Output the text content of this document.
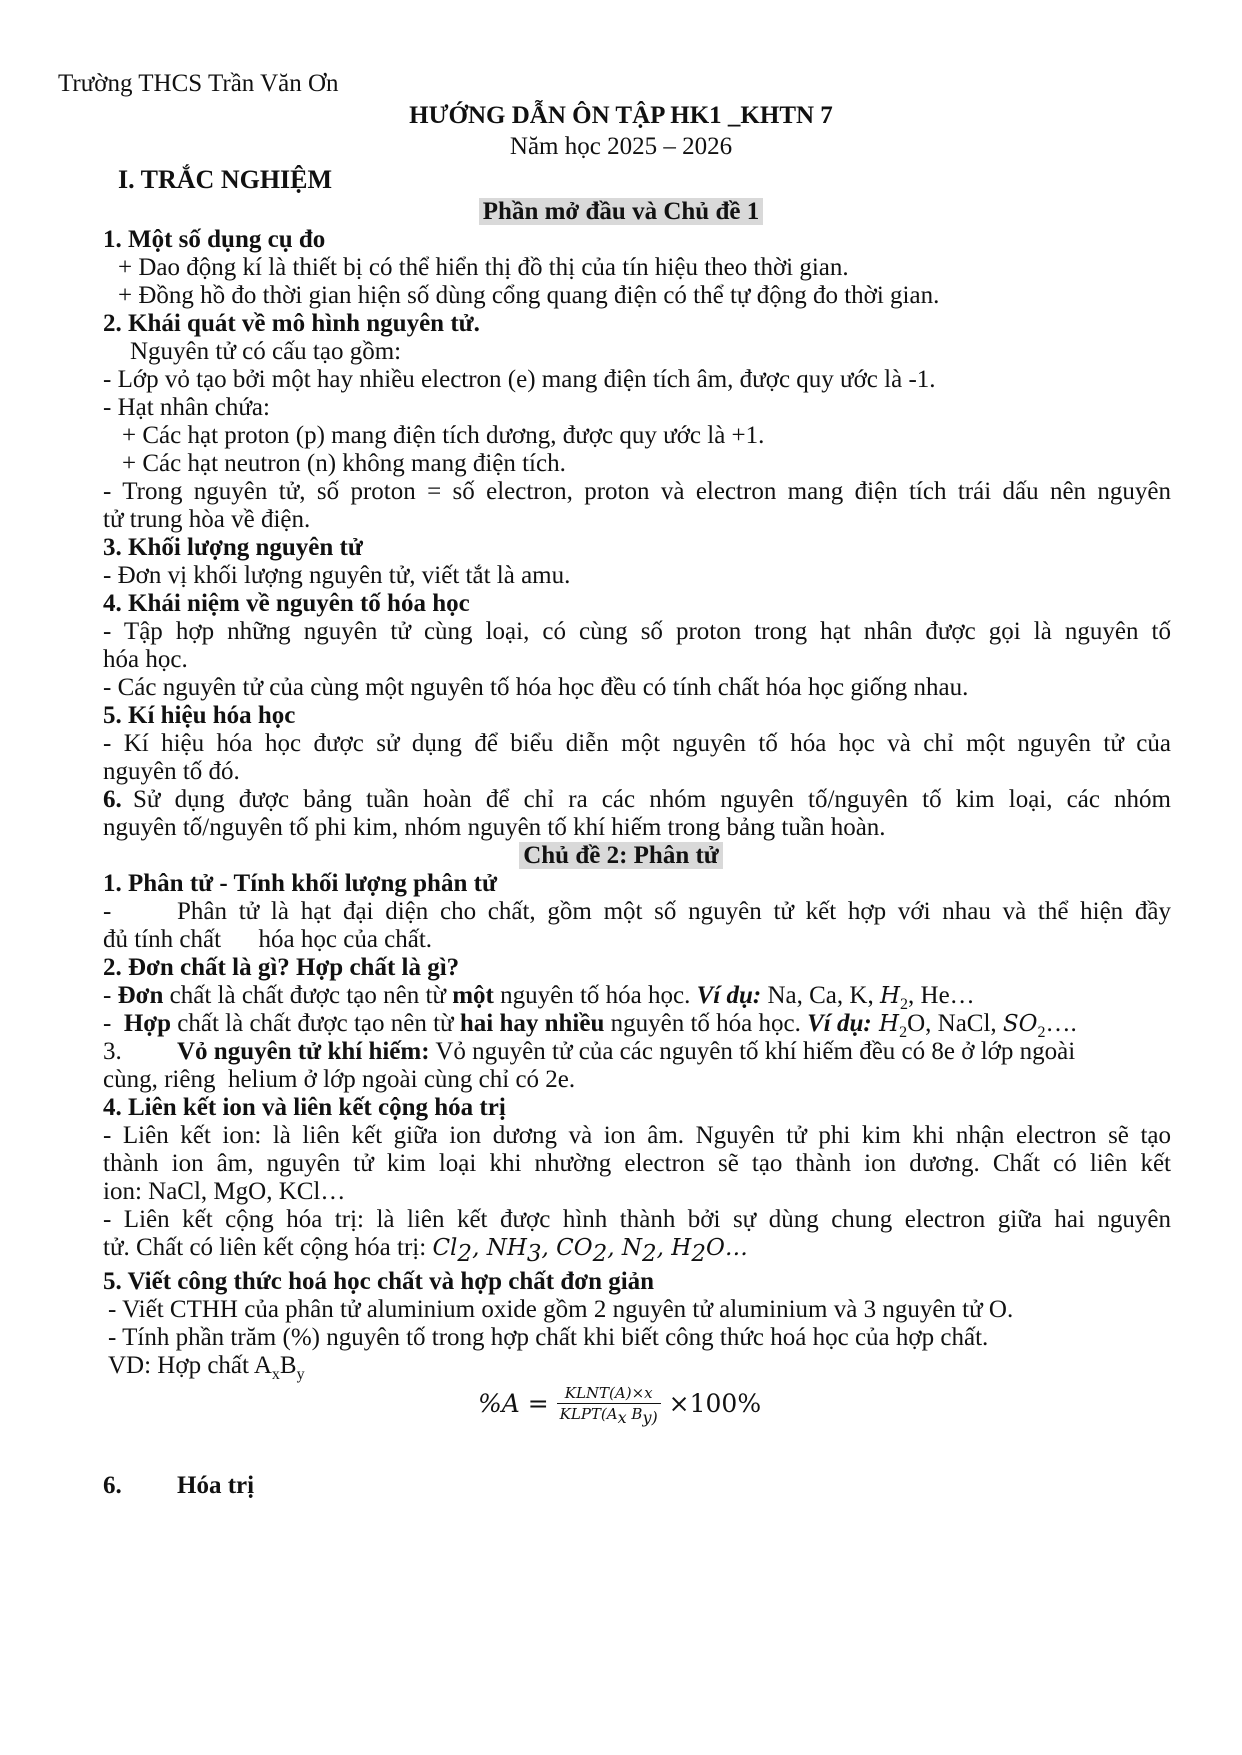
Trường THCS Trần Văn Ơn
HƯỚNG DẪN ÔN TẬP HK1 _KHTN 7
Năm học 2025 – 2026
I. TRẮC NGHIỆM
Phần mở đầu và Chủ đề 1
1. Một số dụng cụ đo
+ Dao động kí là thiết bị có thể hiển thị đồ thị của tín hiệu theo thời gian.
+ Đồng hồ đo thời gian hiện số dùng cổng quang điện có thể tự động đo thời gian.
2. Khái quát về mô hình nguyên tử.
Nguyên tử có cấu tạo gồm:
- Lớp vỏ tạo bởi một hay nhiều electron (e) mang điện tích âm, được quy ước là -1.
- Hạt nhân chứa:
+ Các hạt proton (p) mang điện tích dương, được quy ước là +1.
+ Các hạt neutron (n) không mang điện tích.
- Trong nguyên tử, số proton = số electron, proton và electron mang điện tích trái dấu nên nguyên
tử trung hòa về điện.
3. Khối lượng nguyên tử
- Đơn vị khối lượng nguyên tử, viết tắt là amu.
4. Khái niệm về nguyên tố hóa học
- Tập hợp những nguyên tử cùng loại, có cùng số proton trong hạt nhân được gọi là nguyên tố
hóa học.
- Các nguyên tử của cùng một nguyên tố hóa học đều có tính chất hóa học giống nhau.
5. Kí hiệu hóa học
- Kí hiệu hóa học được sử dụng để biểu diễn một nguyên tố hóa học và chỉ một nguyên tử của
nguyên tố đó.
6. Sử dụng được bảng tuần hoàn để chỉ ra các nhóm nguyên tố/nguyên tố kim loại, các nhóm
nguyên tố/nguyên tố phi kim, nhóm nguyên tố khí hiếm trong bảng tuần hoàn.
Chủ đề 2: Phân tử
1. Phân tử - Tính khối lượng phân tử
-	Phân tử là hạt đại diện cho chất, gồm một số nguyên tử kết hợp với nhau và thể hiện đầy
đủ tính chất      hóa học của chất.
2. Đơn chất là gì? Hợp chất là gì?
- Đơn chất là chất được tạo nên từ một nguyên tố hóa học. Ví dụ: Na, Ca, K, $H_2$, He…
-  Hợp chất là chất được tạo nên từ hai hay nhiều nguyên tố hóa học. Ví dụ: $H_2O$, NaCl, $SO_2\dots$.
3. Vỏ nguyên tử khí hiếm: Vỏ nguyên tử của các nguyên tố khí hiếm đều có 8e ở lớp ngoài
cùng, riêng  helium ở lớp ngoài cùng chỉ có 2e.
4. Liên kết ion và liên kết cộng hóa trị
- Liên kết ion: là liên kết giữa ion dương và ion âm. Nguyên tử phi kim khi nhận electron sẽ tạo
thành ion âm, nguyên tử kim loại khi nhường electron sẽ tạo thành ion dương. Chất có liên kết
ion: NaCl, MgO, KCl…
- Liên kết cộng hóa trị: là liên kết được hình thành bởi sự dùng chung electron giữa hai nguyên
tử. Chất có liên kết cộng hóa trị: $Cl_2$, $NH_3$, $CO_2$, $N_2$, $H_2O\dots$
5. Viết công thức hoá học chất và hợp chất đơn giản
- Viết CTHH của phân tử aluminium oxide gồm 2 nguyên tử aluminium và 3 nguyên tử O.
- Tính phần trăm (%) nguyên tố trong hợp chất khi biết công thức hoá học của hợp chất.
VD: Hợp chất $A_xB_y$
$\%A = \frac{\text{KLNT(A)×x}}{KLPT(A_x B_{y)}} \times 100\%$
6. Hóa trị
